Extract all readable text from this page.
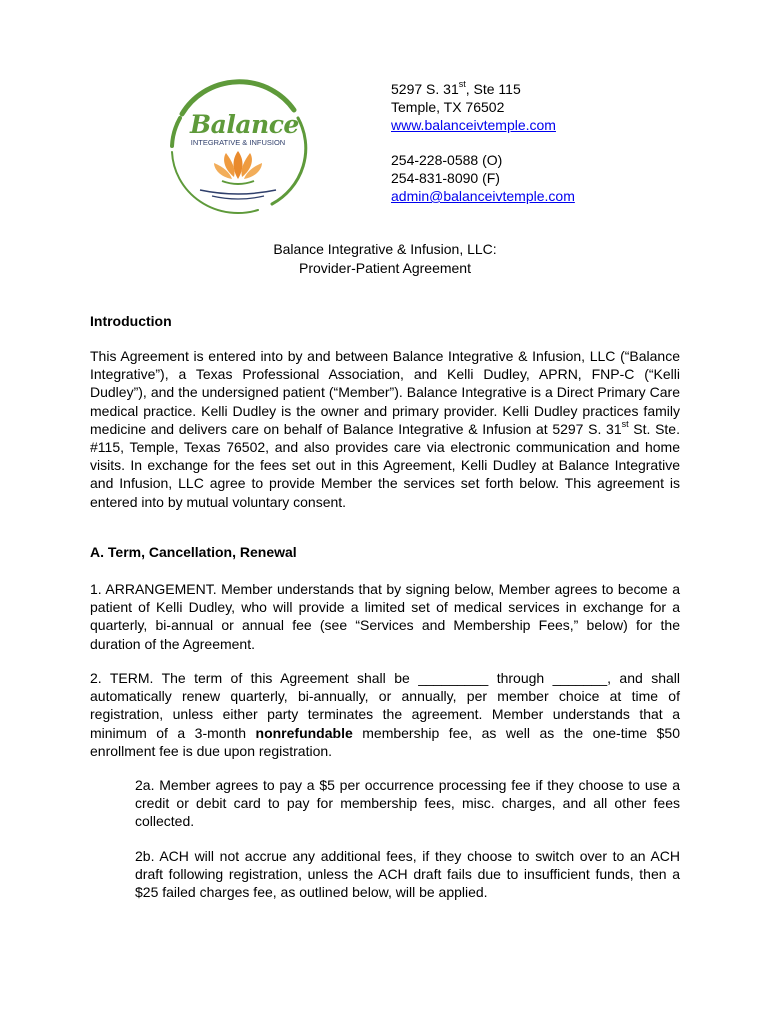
Balance
INTEGRATIVE & INFUSION
5297 S. 31st, Ste 115
Temple, TX 76502
www.balanceivtemple.com
254-228-0588 (O)
254-831-8090 (F)
admin@balanceivtemple.com
Balance Integrative & Infusion, LLC:
Provider-Patient Agreement
Introduction
This Agreement is entered into by and between Balance Integrative & Infusion, LLC (“Balance Integrative”), a Texas Professional Association, and Kelli Dudley, APRN, FNP-C (“Kelli Dudley”), and the undersigned patient (“Member”). Balance Integrative is a Direct Primary Care medical practice. Kelli Dudley is the owner and primary provider. Kelli Dudley practices family medicine and delivers care on behalf of Balance Integrative & Infusion at 5297 S. 31st St. Ste. #115, Temple, Texas 76502, and also provides care via electronic communication and home visits. In exchange for the fees set out in this Agreement, Kelli Dudley at Balance Integrative and Infusion, LLC agree to provide Member the services set forth below. This agreement is entered into by mutual voluntary consent.
A. Term, Cancellation, Renewal
1. ARRANGEMENT. Member understands that by signing below, Member agrees to become a patient of Kelli Dudley, who will provide a limited set of medical services in exchange for a quarterly, bi-annual or annual fee (see “Services and Membership Fees,” below) for the duration of the Agreement.
2. TERM. The term of this Agreement shall be _________ through _______, and shall automatically renew quarterly, bi-annually, or annually, per member choice at time of registration, unless either party terminates the agreement. Member understands that a minimum of a 3-month nonrefundable membership fee, as well as the one-time $50 enrollment fee is due upon registration.
2a. Member agrees to pay a $5 per occurrence processing fee if they choose to use a credit or debit card to pay for membership fees, misc. charges, and all other fees collected.
2b. ACH will not accrue any additional fees, if they choose to switch over to an ACH draft following registration, unless the ACH draft fails due to insufficient funds, then a $25 failed charges fee, as outlined below, will be applied.
